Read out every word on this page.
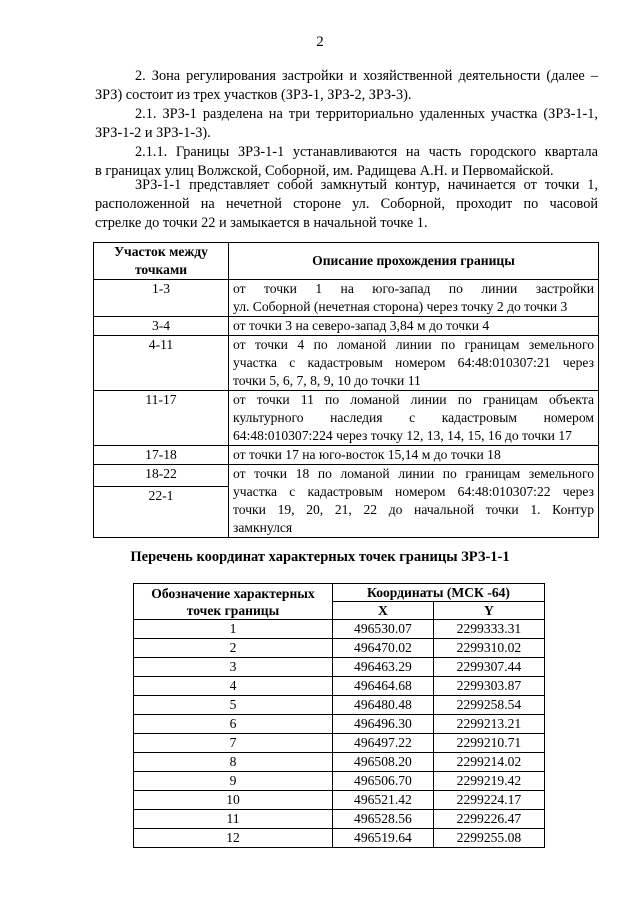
2
2. Зона регулирования застройки и хозяйственной деятельности (далее –
ЗРЗ) состоит из трех участков (ЗРЗ-1, ЗРЗ-2, ЗРЗ-3).
2.1. ЗРЗ-1 разделена на три территориально удаленных участка (ЗРЗ-1-1,
ЗРЗ-1-2 и ЗРЗ-1-3).
2.1.1. Границы ЗРЗ-1-1 устанавливаются на часть городского квартала
в границах улиц Волжской, Соборной, им. Радищева А.Н. и Первомайской.
ЗРЗ-1-1 представляет собой замкнутый контур, начинается от точки 1,
расположенной на нечетной стороне ул. Соборной, проходит по часовой
стрелке до точки 22 и замыкается в начальной точке 1.
Участок между точками	Описание прохождения границы
1-3	от точки 1 на юго-запад по линии застройки
ул. Соборной (нечетная сторона) через точку 2 до точки 3

3-4	от точки 3 на северо-запад 3,84 м до точки 4

4-11	от точки 4 по ломаной линии по границам земельного
участка с кадастровым номером 64:48:010307:21 через
точки 5, 6, 7, 8, 9, 10 до точки 11

11-17	от точки 11 по ломаной линии по границам объекта
культурного наследия с кадастровым номером
64:48:010307:224 через точку 12, 13, 14, 15, 16 до точки 17

17-18	от точки 17 на юго-восток 15,14 м до точки 18

18-22	от точки 18 по ломаной линии по границам земельного
участка с кадастровым номером 64:48:010307:22 через
точки 19, 20, 21, 22 до начальной точки 1. Контур
замкнулся

22-1	
Перечень координат характерных точек границы ЗРЗ-1-1
Обозначение характерных точек границы	Координаты (МСК -64)	
	X	Y
1	496530.07	2299333.31
2	496470.02	2299310.02
3	496463.29	2299307.44
4	496464.68	2299303.87
5	496480.48	2299258.54
6	496496.30	2299213.21
7	496497.22	2299210.71
8	496508.20	2299214.02
9	496506.70	2299219.42
10	496521.42	2299224.17
11	496528.56	2299226.47
12	496519.64	2299255.08
